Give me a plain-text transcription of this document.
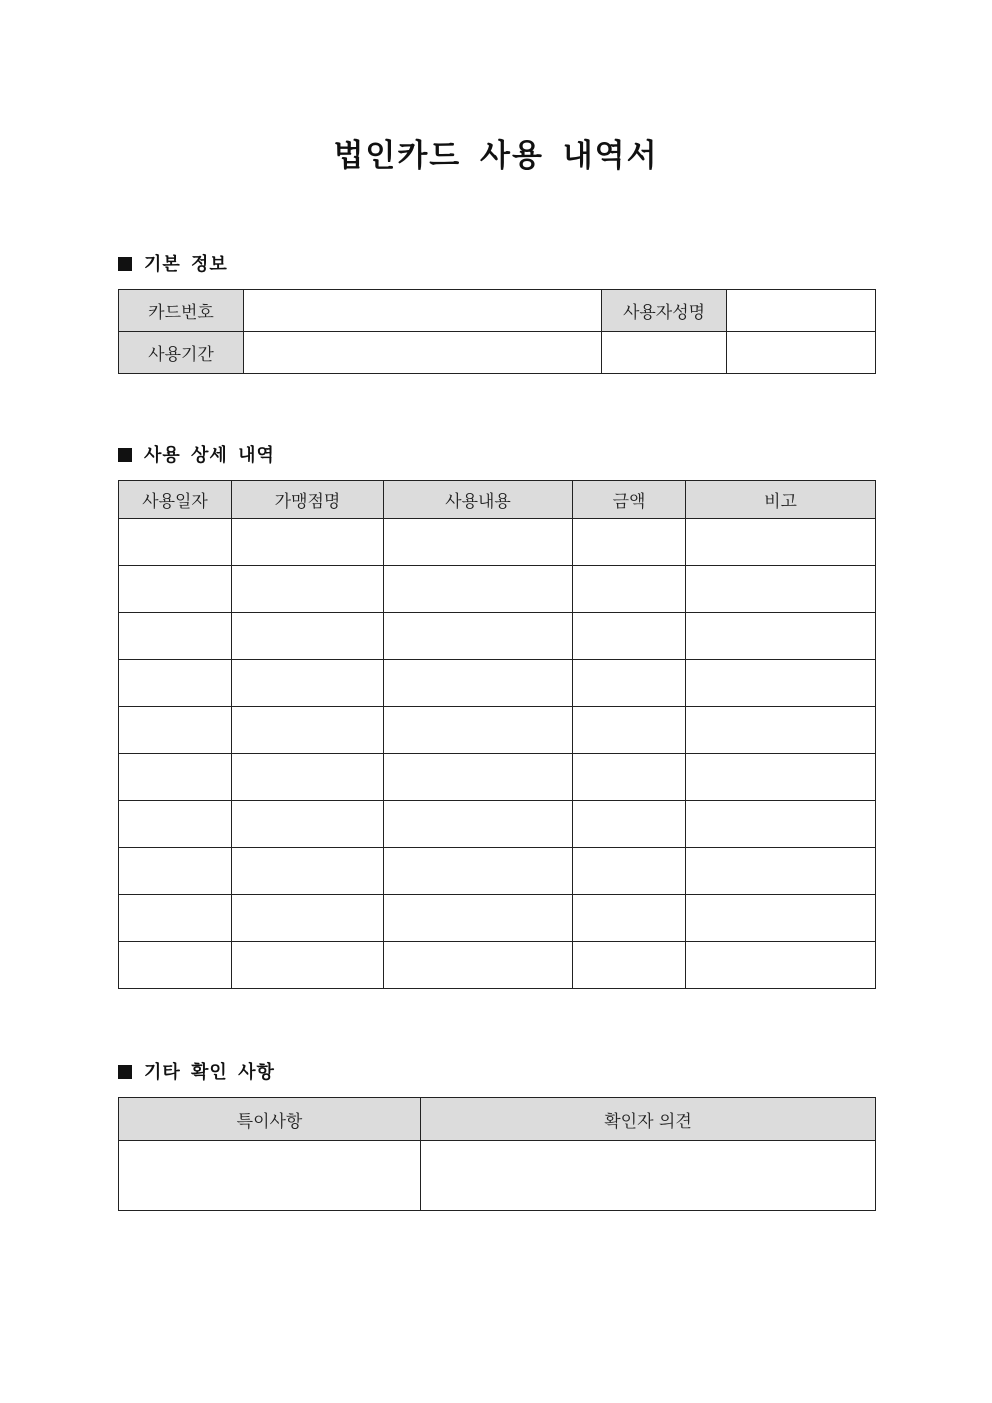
법인카드 사용 내역서
기본 정보
카드번호		사용자성명	
사용기간			
사용 상세 내역
사용일자	가맹점명	사용내용	금액	비고

기타 확인 사항
특이사항	확인자 의견
